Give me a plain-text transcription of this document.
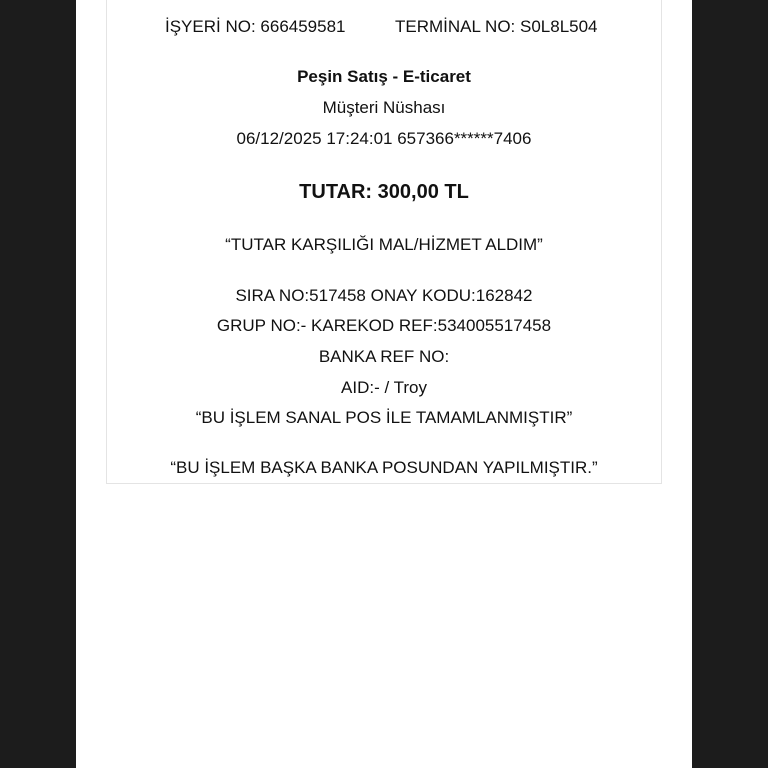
İŞYERİ NO: 666459581	TERMİNAL NO: S0L8L504
Peşin Satış - E-ticaret
Müşteri Nüshası
06/12/2025 17:24:01 657366******7406
TUTAR: 300,00 TL
“TUTAR KARŞILIĞI MAL/HİZMET ALDIM”
SIRA NO:517458 ONAY KODU:162842
GRUP NO:- KAREKOD REF:534005517458
BANKA REF NO:
AID:- / Troy
“BU İŞLEM SANAL POS İLE TAMAMLANMIŞTIR”
“BU İŞLEM BAŞKA BANKA POSUNDAN YAPILMIŞTIR.”
